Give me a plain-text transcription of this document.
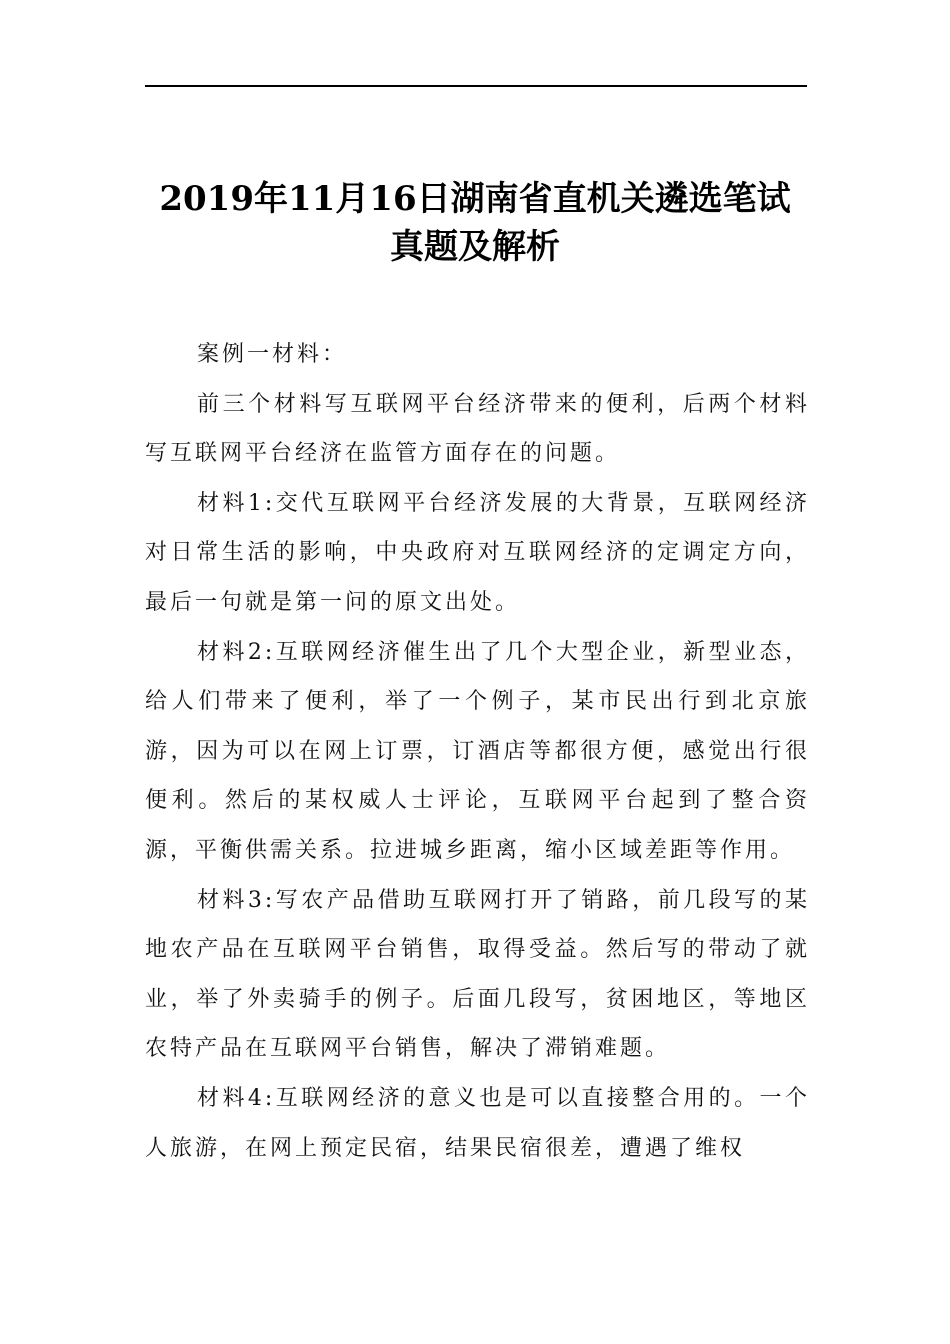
2019年11月16日湖南省直机关遴选笔试
真题及解析

案例一材料：

前三个材料写互联网平台经济带来的便利，后两个材料写互联网平台经济在监管方面存在的问题。

材料1:交代互联网平台经济发展的大背景，互联网经济对日常生活的影响，中央政府对互联网经济的定调定方向，最后一句就是第一问的原文出处。

材料2:互联网经济催生出了几个大型企业，新型业态，给人们带来了便利，举了一个例子，某市民出行到北京旅游，因为可以在网上订票，订酒店等都很方便，感觉出行很便利。然后的某权威人士评论，互联网平台起到了整合资源，平衡供需关系。拉进城乡距离，缩小区域差距等作用。

材料3:写农产品借助互联网打开了销路，前几段写的某地农产品在互联网平台销售，取得受益。然后写的带动了就业，举了外卖骑手的例子。后面几段写，贫困地区，等地区农特产品在互联网平台销售，解决了滞销难题。

材料4:互联网经济的意义也是可以直接整合用的。一个人旅游，在网上预定民宿，结果民宿很差，遭遇了维权
